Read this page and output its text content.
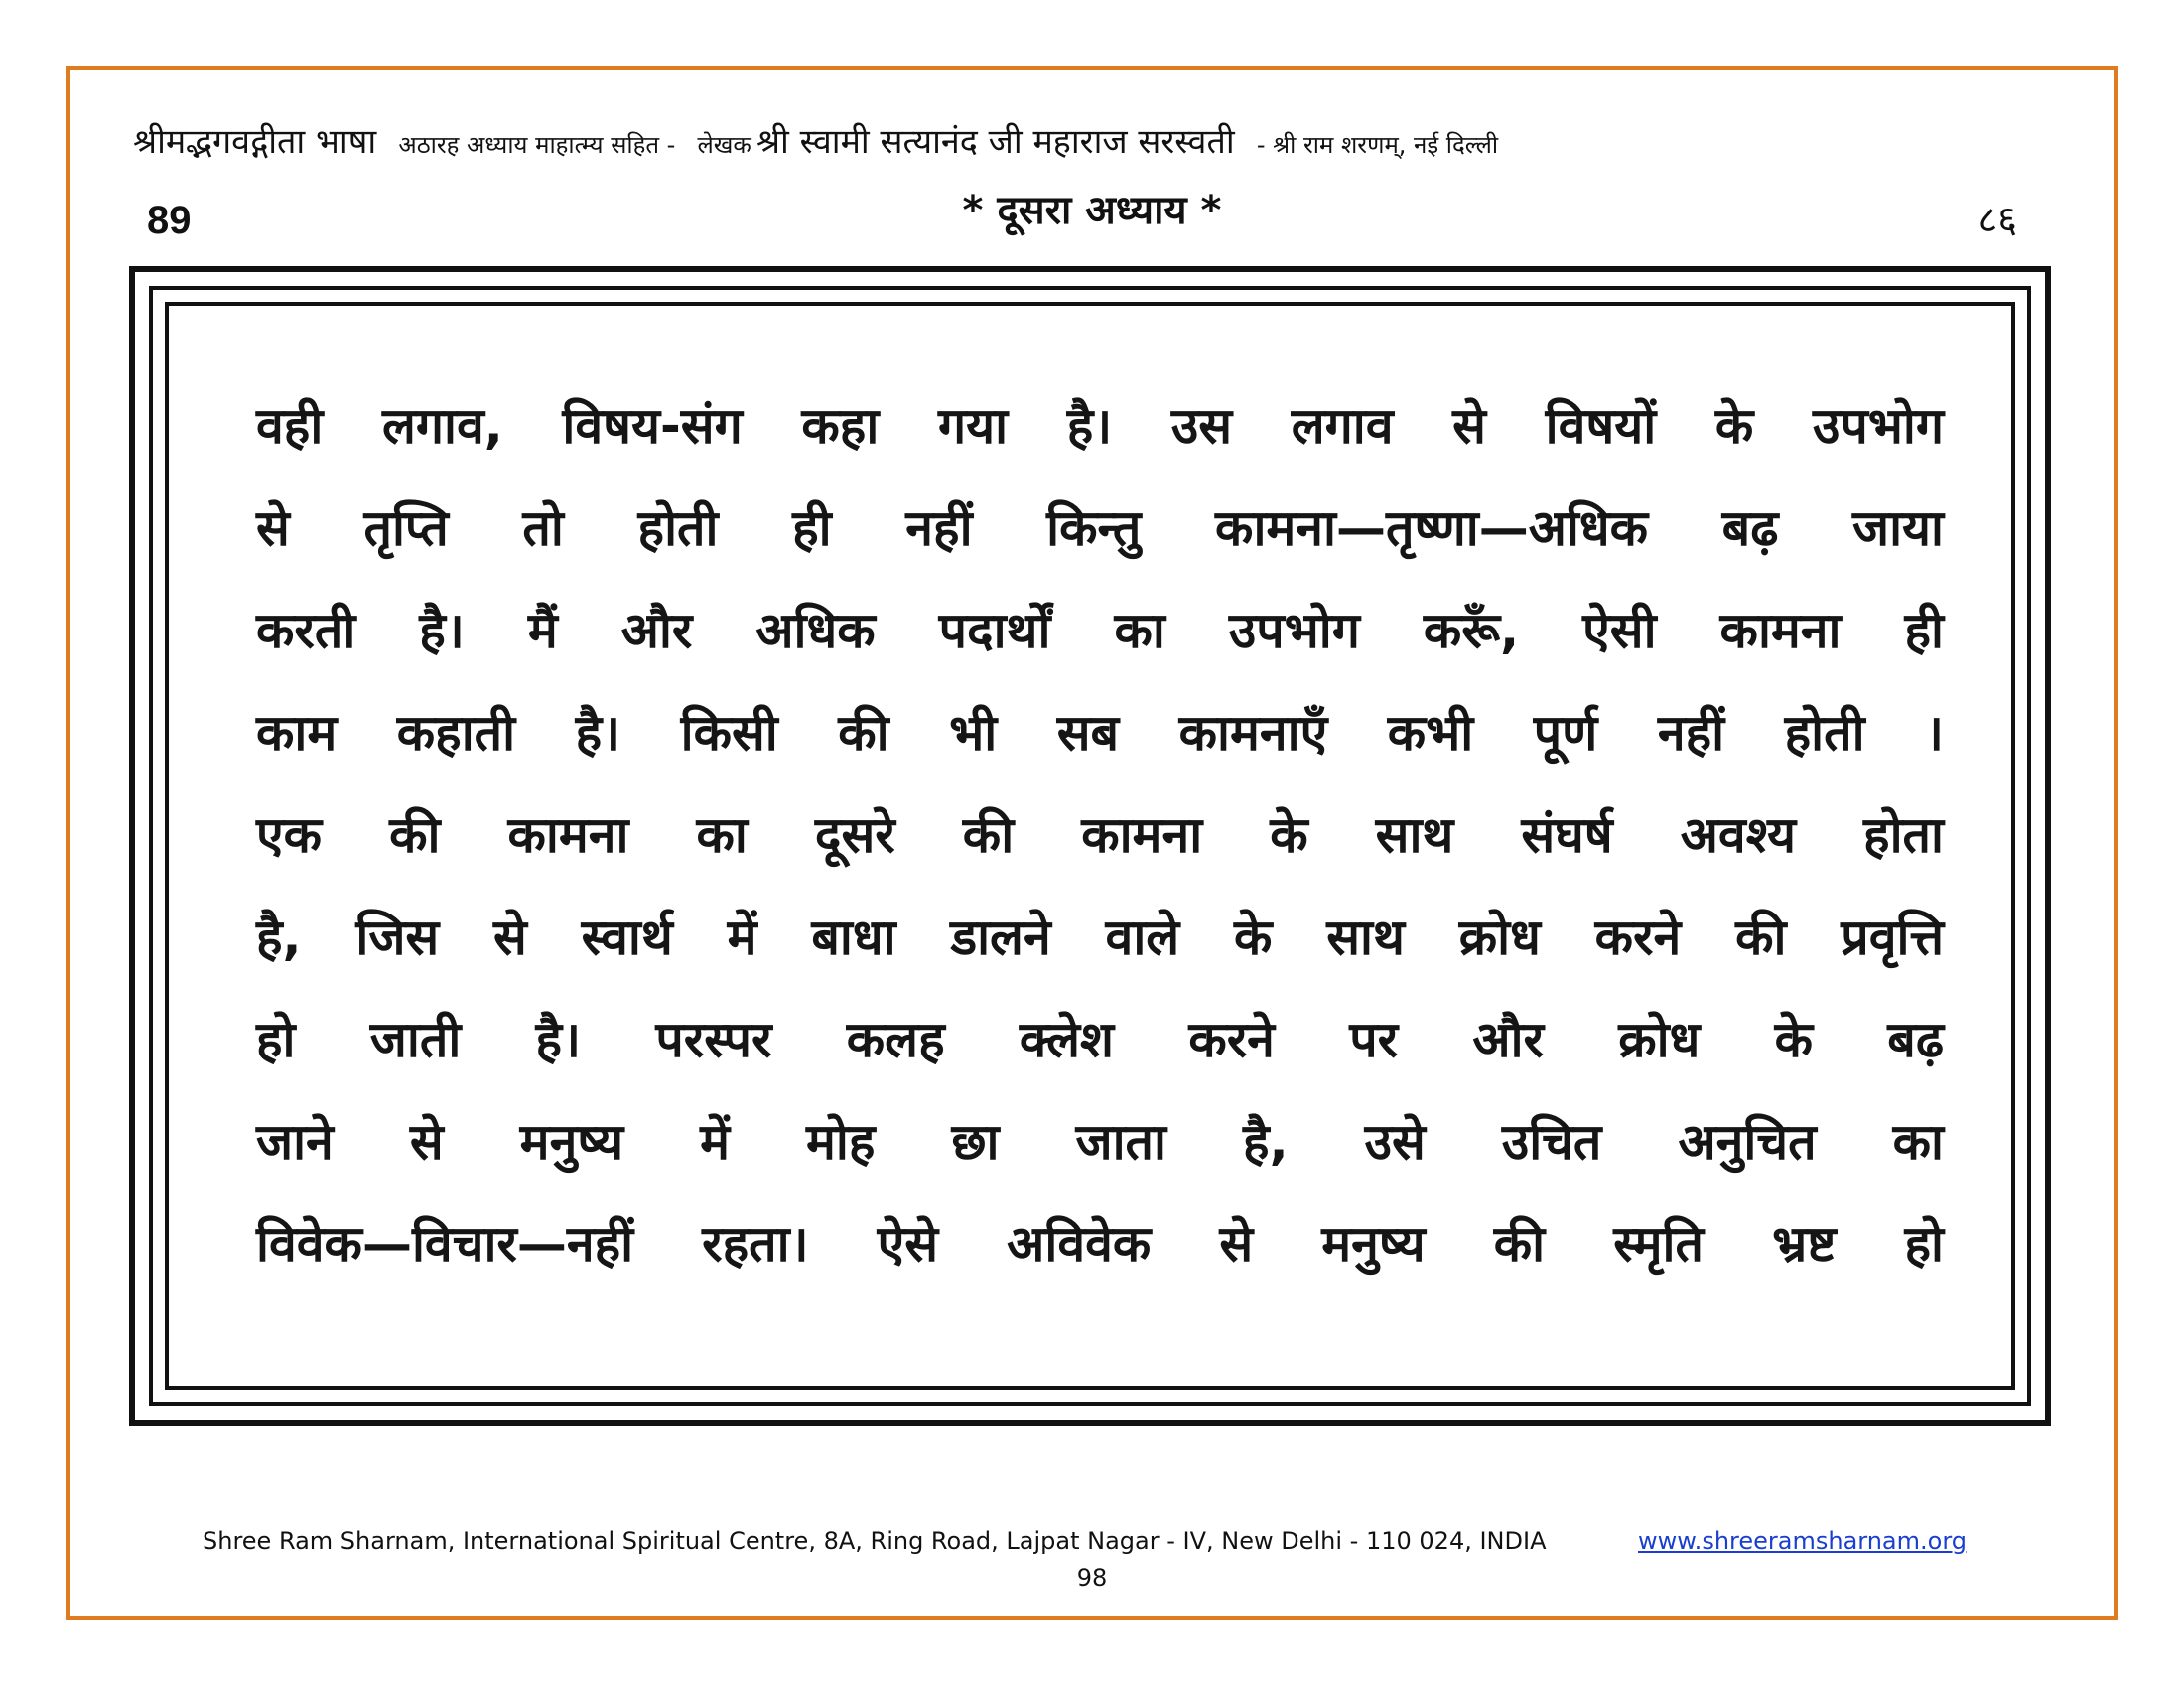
श्रीमद्भगवद्गीता भाषा अठारह अध्याय माहात्म्य सहित - लेखक श्री स्वामी सत्यानंद जी महाराज सरस्वती - श्री राम शरणम्, नई दिल्ली
89	* दूसरा अध्याय *	८६
वही लगाव, विषय-संग कहा गया है। उस लगाव से विषयों के उपभोग
से तृप्ति तो होती ही नहीं किन्तु कामना—तृष्णा—अधिक बढ़ जाया
करती है। मैं और अधिक पदार्थों का उपभोग करूँ, ऐसी कामना ही
काम कहाती है। किसी की भी सब कामनाएँ कभी पूर्ण नहीं होती ।
एक की कामना का दूसरे की कामना के साथ संघर्ष अवश्य होता
है, जिस से स्वार्थ में बाधा डालने वाले के साथ क्रोध करने की प्रवृत्ति
हो जाती है। परस्पर कलह क्लेश करने पर और क्रोध के बढ़
जाने से मनुष्य में मोह छा जाता है, उसे उचित अनुचित का
विवेक—विचार—नहीं रहता। ऐसे अविवेक से मनुष्य की स्मृति भ्रष्ट हो
Shree Ram Sharnam, International Spiritual Centre, 8A, Ring Road, Lajpat Nagar - IV, New Delhi - 110 024, INDIA	www.shreeramsharnam.org
98
